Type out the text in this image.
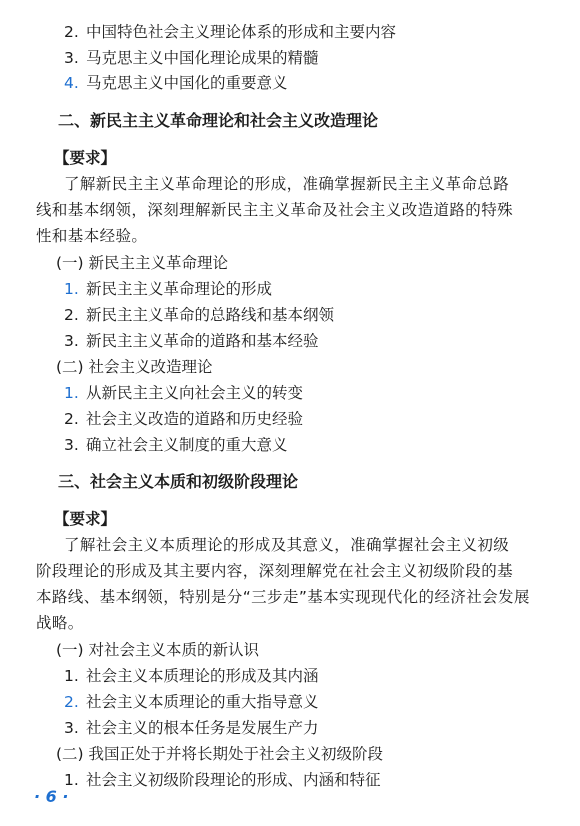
2. 中国特色社会主义理论体系的形成和主要内容
3. 马克思主义中国化理论成果的精髓
4. 马克思主义中国化的重要意义
二、新民主主义革命理论和社会主义改造理论
【要求】
了解新民主主义革命理论的形成，准确掌握新民主主义革命总路
线和基本纲领，深刻理解新民主主义革命及社会主义改造道路的特殊
性和基本经验。
(一) 新民主主义革命理论
1. 新民主主义革命理论的形成
2. 新民主主义革命的总路线和基本纲领
3. 新民主主义革命的道路和基本经验
(二) 社会主义改造理论
1. 从新民主主义向社会主义的转变
2. 社会主义改造的道路和历史经验
3. 确立社会主义制度的重大意义
三、社会主义本质和初级阶段理论
【要求】
了解社会主义本质理论的形成及其意义，准确掌握社会主义初级
阶段理论的形成及其主要内容，深刻理解党在社会主义初级阶段的基
本路线、基本纲领，特别是分“三步走”基本实现现代化的经济社会发展
战略。
(一) 对社会主义本质的新认识
1. 社会主义本质理论的形成及其内涵
2. 社会主义本质理论的重大指导意义
3. 社会主义的根本任务是发展生产力
(二) 我国正处于并将长期处于社会主义初级阶段
1. 社会主义初级阶段理论的形成、内涵和特征
· 6 ·
